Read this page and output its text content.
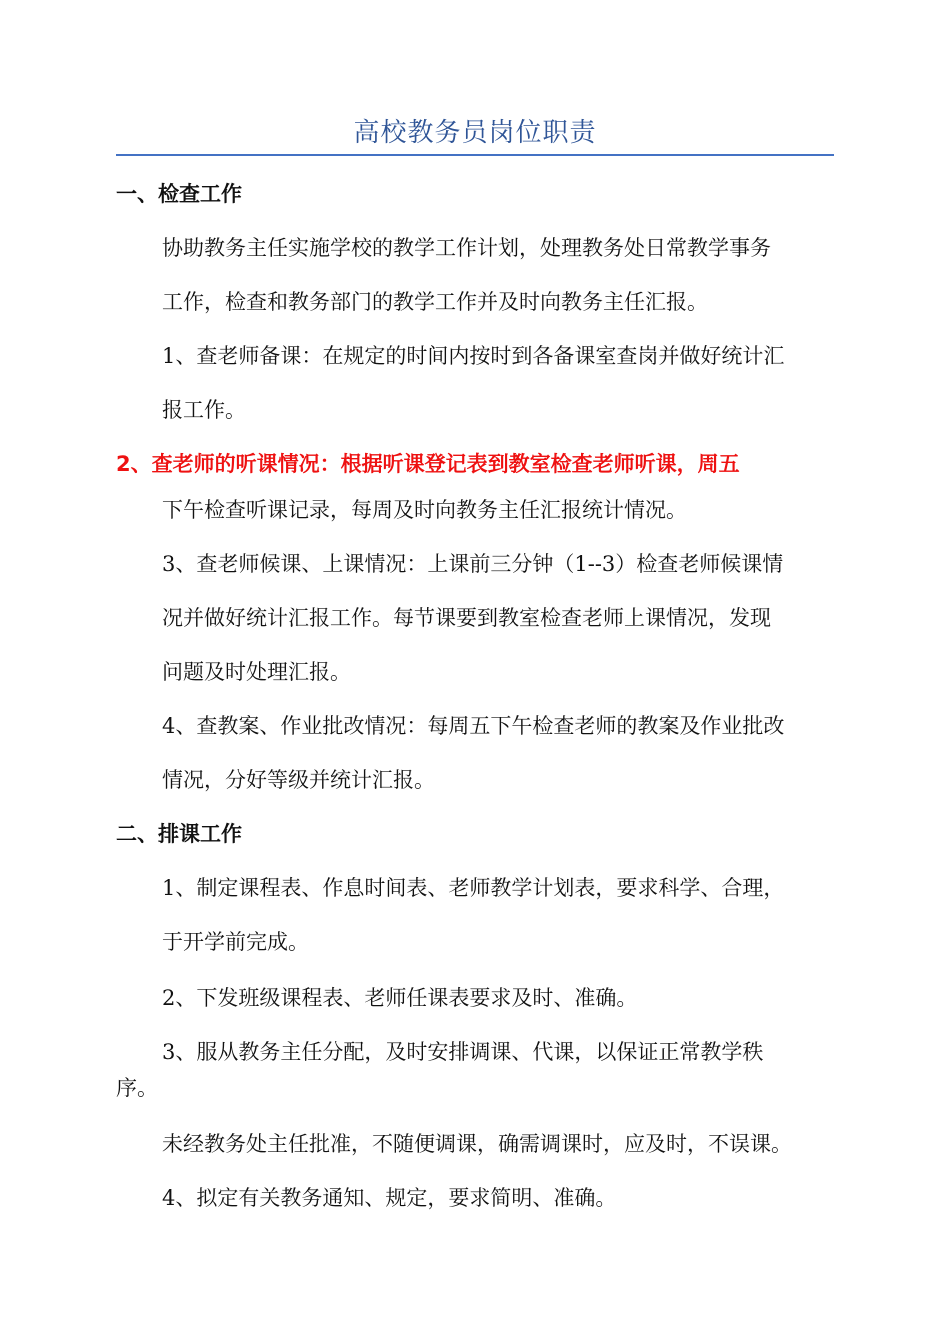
高校教务员岗位职责
一、检查工作
协助教务主任实施学校的教学工作计划，处理教务处日常教学事务
工作，检查和教务部门的教学工作并及时向教务主任汇报。
1、查老师备课：在规定的时间内按时到各备课室查岗并做好统计汇
报工作。
2、查老师的听课情况：根据听课登记表到教室检查老师听课，周五
下午检查听课记录，每周及时向教务主任汇报统计情况。
3、查老师候课、上课情况：上课前三分钟（1--3）检查老师候课情
况并做好统计汇报工作。每节课要到教室检查老师上课情况，发现
问题及时处理汇报。
4、查教案、作业批改情况：每周五下午检查老师的教案及作业批改
情况，分好等级并统计汇报。
二、排课工作
1、制定课程表、作息时间表、老师教学计划表，要求科学、合理，
于开学前完成。
2、下发班级课程表、老师任课表要求及时、准确。
3、服从教务主任分配，及时安排调课、代课，以保证正常教学秩
序。
未经教务处主任批准，不随便调课，确需调课时，应及时，不误课。
4、拟定有关教务通知、规定，要求简明、准确。
